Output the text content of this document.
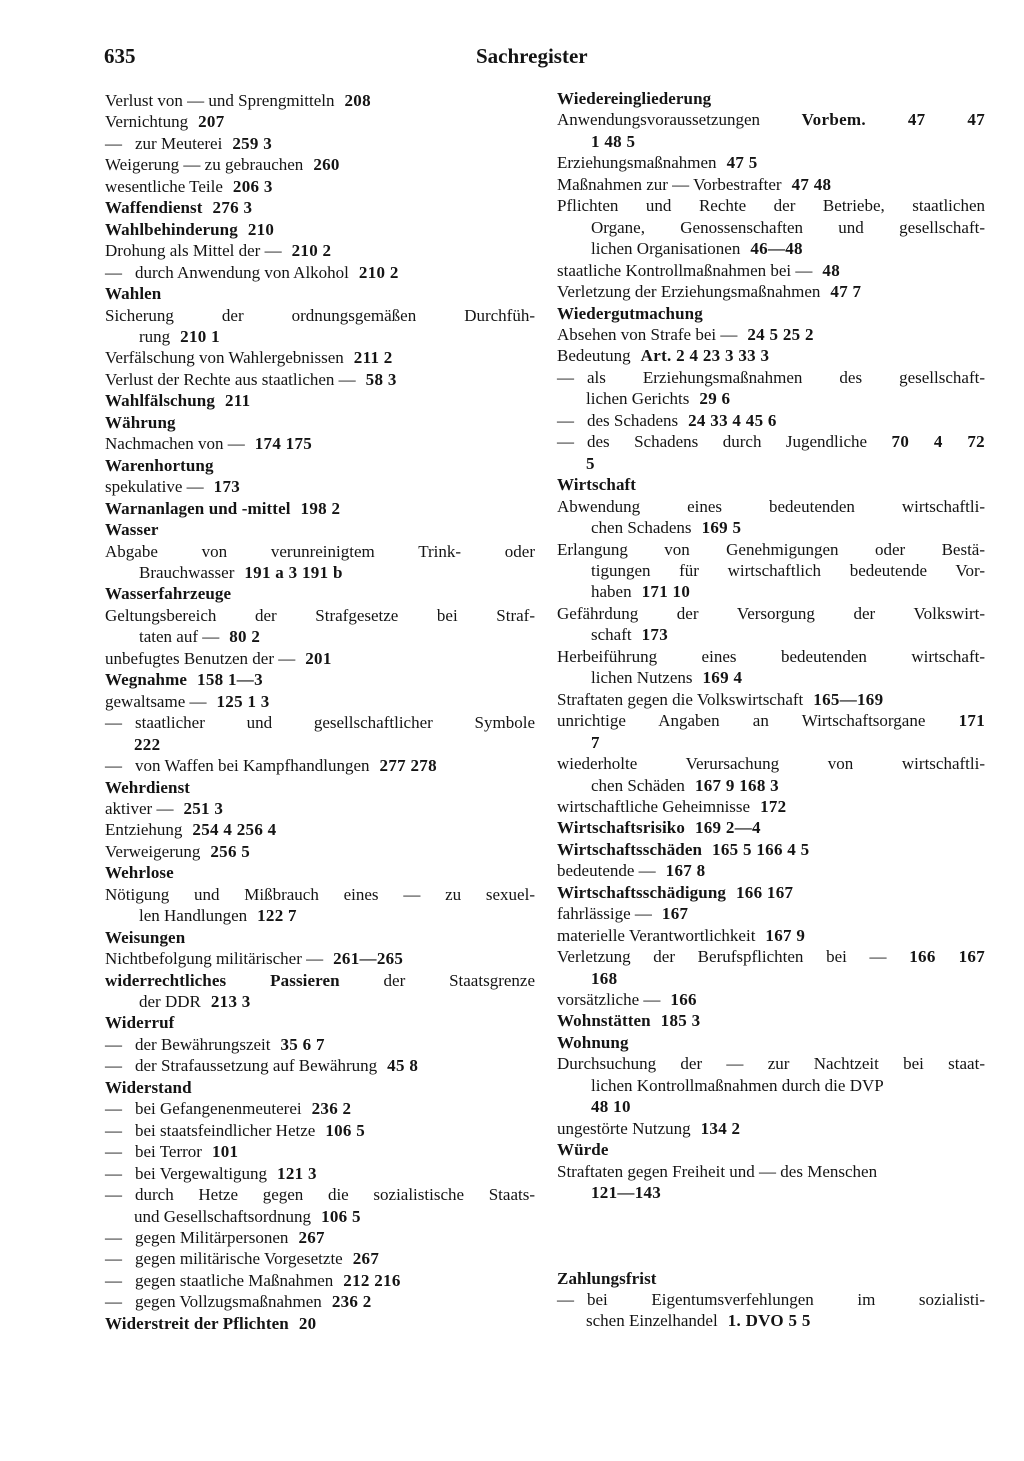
635	Sachregister
Verlust von — und Sprengmitteln 208
Vernichtung 207
— zur Meuterei 259 3
Weigerung — zu gebrauchen 260
wesentliche Teile 206 3
Waffendienst 276 3
Wahlbehinderung 210
Drohung als Mittel der — 210 2
— durch Anwendung von Alkohol 210 2
Wahlen
Sicherung der ordnungsgemäßen Durchfüh-
rung 210 1
Verfälschung von Wahlergebnissen 211 2
Verlust der Rechte aus staatlichen — 58 3
Wahlfälschung 211
Währung
Nachmachen von — 174 175
Warenhortung
spekulative — 173
Warnanlagen und -mittel 198 2
Wasser
Abgabe von verunreinigtem Trink- oder
Brauchwasser 191 a 3 191 b
Wasserfahrzeuge
Geltungsbereich der Strafgesetze bei Straf-
taten auf — 80 2
unbefugtes Benutzen der — 201
Wegnahme 158 1—3
gewaltsame — 125 1 3
— staatlicher und gesellschaftlicher Symbole
222
— von Waffen bei Kampfhandlungen 277 278
Wehrdienst
aktiver — 251 3
Entziehung 254 4 256 4
Verweigerung 256 5
Wehrlose
Nötigung und Mißbrauch eines — zu sexuel-
len Handlungen 122 7
Weisungen
Nichtbefolgung militärischer — 261—265
widerrechtliches Passieren	der Staatsgrenze
der DDR 213 3
Widerruf
— der Bewährungszeit 35 6 7
— der Strafaussetzung auf Bewährung 45 8
Widerstand
— bei Gefangenenmeuterei 236 2
— bei staatsfeindlicher Hetze 106 5
— bei Terror 101
— bei Vergewaltigung 121 3
— durch Hetze gegen die sozialistische Staats-
und Gesellschaftsordnung 106 5
— gegen Militärpersonen 267
— gegen militärische Vorgesetzte 267
— gegen staatliche Maßnahmen 212 216
— gegen Vollzugsmaßnahmen 236 2
Widerstreit der Pflichten 20
Wiedereingliederung
Anwendungsvoraussetzungen Vorbem. 47 47
1 48 5
Erziehungsmaßnahmen 47 5
Maßnahmen zur — Vorbestrafter 47 48
Pflichten und Rechte der Betriebe, staatlichen
Organe, Genossenschaften und gesellschaft-
lichen Organisationen 46—48
staatliche Kontrollmaßnahmen bei — 48
Verletzung der Erziehungsmaßnahmen 47 7
Wiedergutmachung
Absehen von Strafe bei — 24 5 25 2
Bedeutung Art. 2 4 23 3 33 3
— als Erziehungsmaßnahmen des gesellschaft-
lichen Gerichts 29 6
— des Schadens 24 33 4 45 6
— des Schadens durch Jugendliche 70 4 72
5
Wirtschaft
Abwendung eines bedeutenden wirtschaftli-
chen Schadens 169 5
Erlangung von Genehmigungen oder Bestä-
tigungen für wirtschaftlich bedeutende Vor-
haben 171 10
Gefährdung der Versorgung der Volkswirt-
schaft 173
Herbeiführung eines bedeutenden wirtschaft-
lichen Nutzens 169 4
Straftaten gegen die Volkswirtschaft 165—169
unrichtige Angaben an Wirtschaftsorgane 171
7
wiederholte Verursachung von wirtschaftli-
chen Schäden 167 9 168 3
wirtschaftliche Geheimnisse 172
Wirtschaftsrisiko 169 2—4
Wirtschaftsschäden 165 5 166 4 5
bedeutende — 167 8
Wirtschaftsschädigung 166 167
fahrlässige — 167
materielle Verantwortlichkeit 167 9
Verletzung der Berufspflichten bei — 166 167
168
vorsätzliche — 166
Wohnstätten 185 3
Wohnung
Durchsuchung der — zur Nachtzeit bei staat-
lichen Kontrollmaßnahmen durch die DVP
48 10
ungestörte Nutzung 134 2
Würde
Straftaten gegen Freiheit und — des Menschen
121—143
Zahlungsfrist
— bei Eigentumsverfehlungen im sozialisti-
schen Einzelhandel 1. DVO 5 5
